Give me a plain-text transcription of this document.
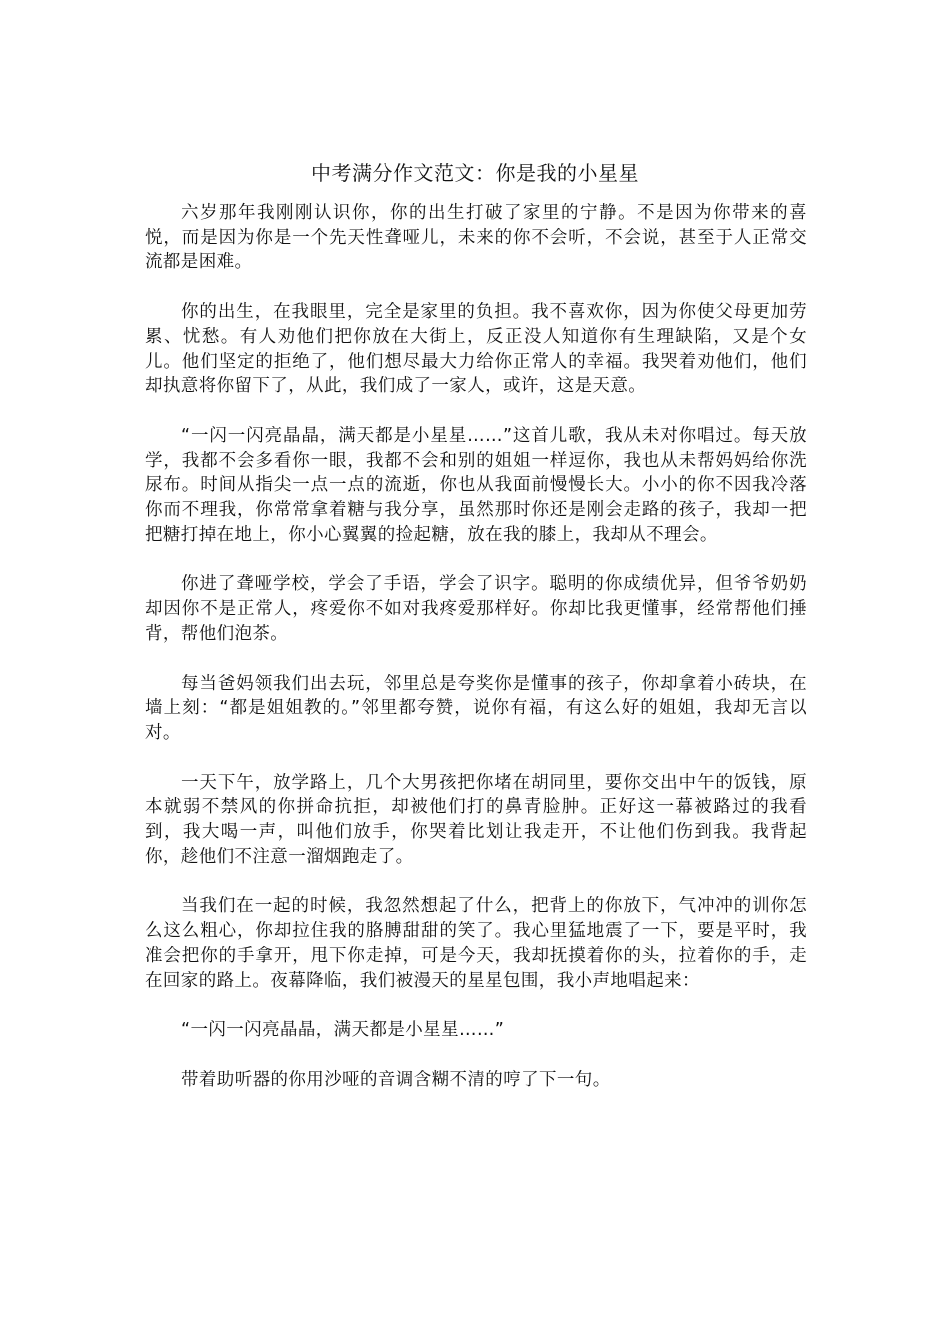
中考满分作文范文：你是我的小星星

六岁那年我刚刚认识你，你的出生打破了家里的宁静。不是因为你带来的喜悦，而是因为你是一个先天性聋哑儿，未来的你不会听，不会说，甚至于人正常交流都是困难。

你的出生，在我眼里，完全是家里的负担。我不喜欢你，因为你使父母更加劳累、忧愁。有人劝他们把你放在大街上，反正没人知道你有生理缺陷，又是个女儿。他们坚定的拒绝了，他们想尽最大力给你正常人的幸福。我哭着劝他们，他们却执意将你留下了，从此，我们成了一家人，或许，这是天意。

“一闪一闪亮晶晶，满天都是小星星……”这首儿歌，我从未对你唱过。每天放学，我都不会多看你一眼，我都不会和别的姐姐一样逗你，我也从未帮妈妈给你洗尿布。时间从指尖一点一点的流逝，你也从我面前慢慢长大。小小的你不因我冷落你而不理我，你常常拿着糖与我分享，虽然那时你还是刚会走路的孩子，我却一把把糖打掉在地上，你小心翼翼的捡起糖，放在我的膝上，我却从不理会。

你进了聋哑学校，学会了手语，学会了识字。聪明的你成绩优异，但爷爷奶奶却因你不是正常人，疼爱你不如对我疼爱那样好。你却比我更懂事，经常帮他们捶背，帮他们泡茶。

每当爸妈领我们出去玩，邻里总是夸奖你是懂事的孩子，你却拿着小砖块，在墙上刻：“都是姐姐教的。”邻里都夸赞，说你有福，有这么好的姐姐，我却无言以对。

一天下午，放学路上，几个大男孩把你堵在胡同里，要你交出中午的饭钱，原本就弱不禁风的你拼命抗拒，却被他们打的鼻青脸肿。正好这一幕被路过的我看到，我大喝一声，叫他们放手，你哭着比划让我走开，不让他们伤到我。我背起你，趁他们不注意一溜烟跑走了。

当我们在一起的时候，我忽然想起了什么，把背上的你放下，气冲冲的训你怎么这么粗心，你却拉住我的胳膊甜甜的笑了。我心里猛地震了一下，要是平时，我准会把你的手拿开，甩下你走掉，可是今天，我却抚摸着你的头，拉着你的手，走在回家的路上。夜幕降临，我们被漫天的星星包围，我小声地唱起来：

“一闪一闪亮晶晶，满天都是小星星……”

带着助听器的你用沙哑的音调含糊不清的哼了下一句。
